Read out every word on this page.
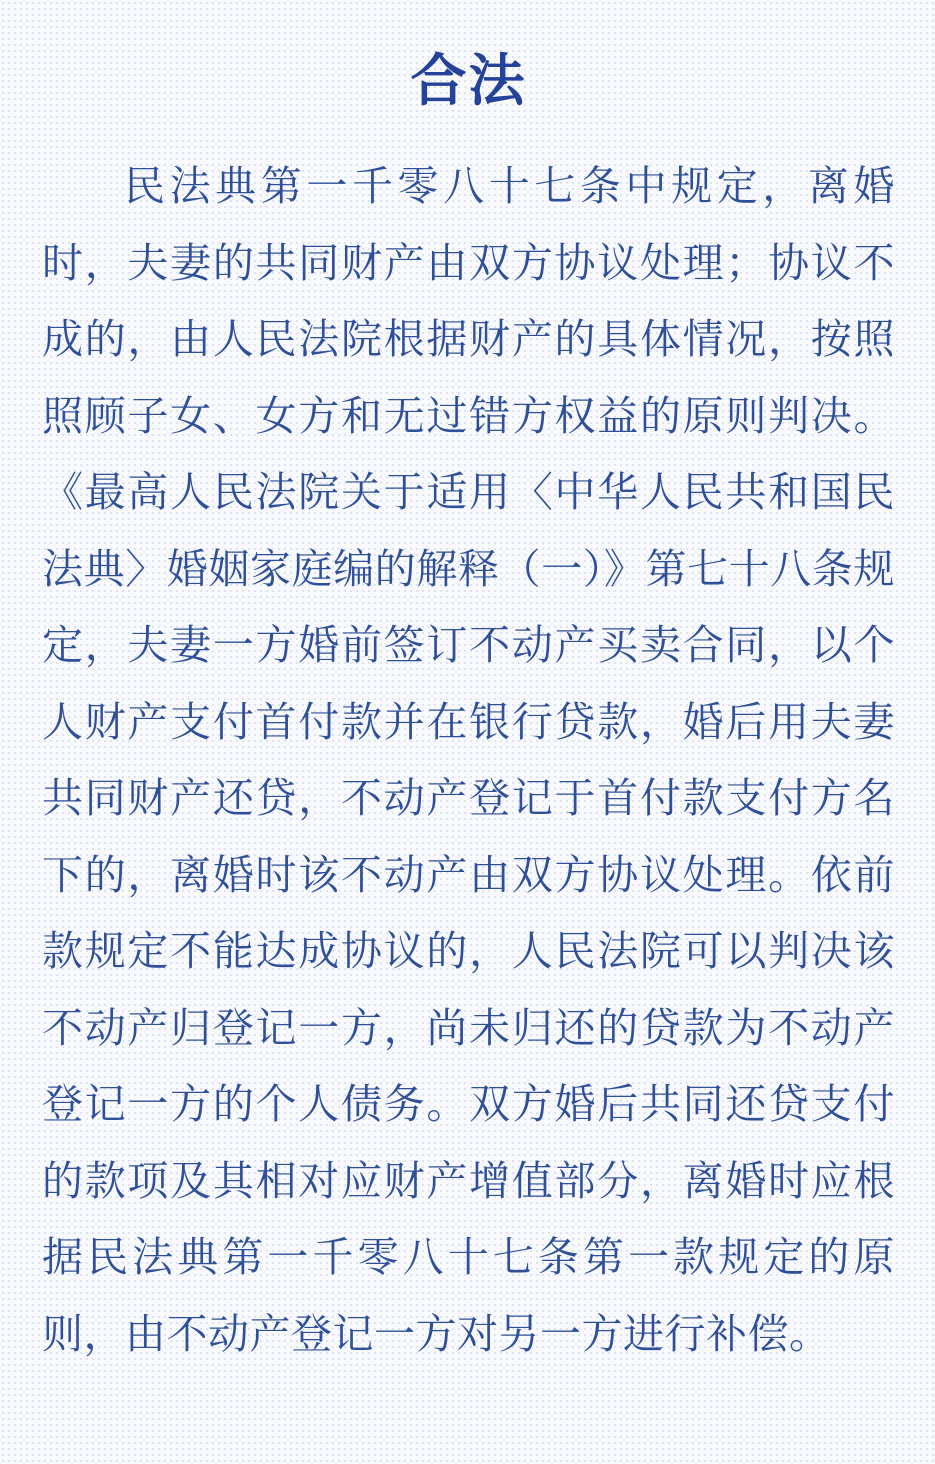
合法

民法典第一千零八十七条中规定，离婚时，夫妻的共同财产由双方协议处理；协议不成的，由人民法院根据财产的具体情况，按照照顾子女、女方和无过错方权益的原则判决。《最高人民法院关于适用〈中华人民共和国民法典〉婚姻家庭编的解释（一）》第七十八条规定，夫妻一方婚前签订不动产买卖合同，以个人财产支付首付款并在银行贷款，婚后用夫妻共同财产还贷，不动产登记于首付款支付方名下的，离婚时该不动产由双方协议处理。依前款规定不能达成协议的，人民法院可以判决该不动产归登记一方，尚未归还的贷款为不动产登记一方的个人债务。双方婚后共同还贷支付的款项及其相对应财产增值部分，离婚时应根据民法典第一千零八十七条第一款规定的原则，由不动产登记一方对另一方进行补偿。
